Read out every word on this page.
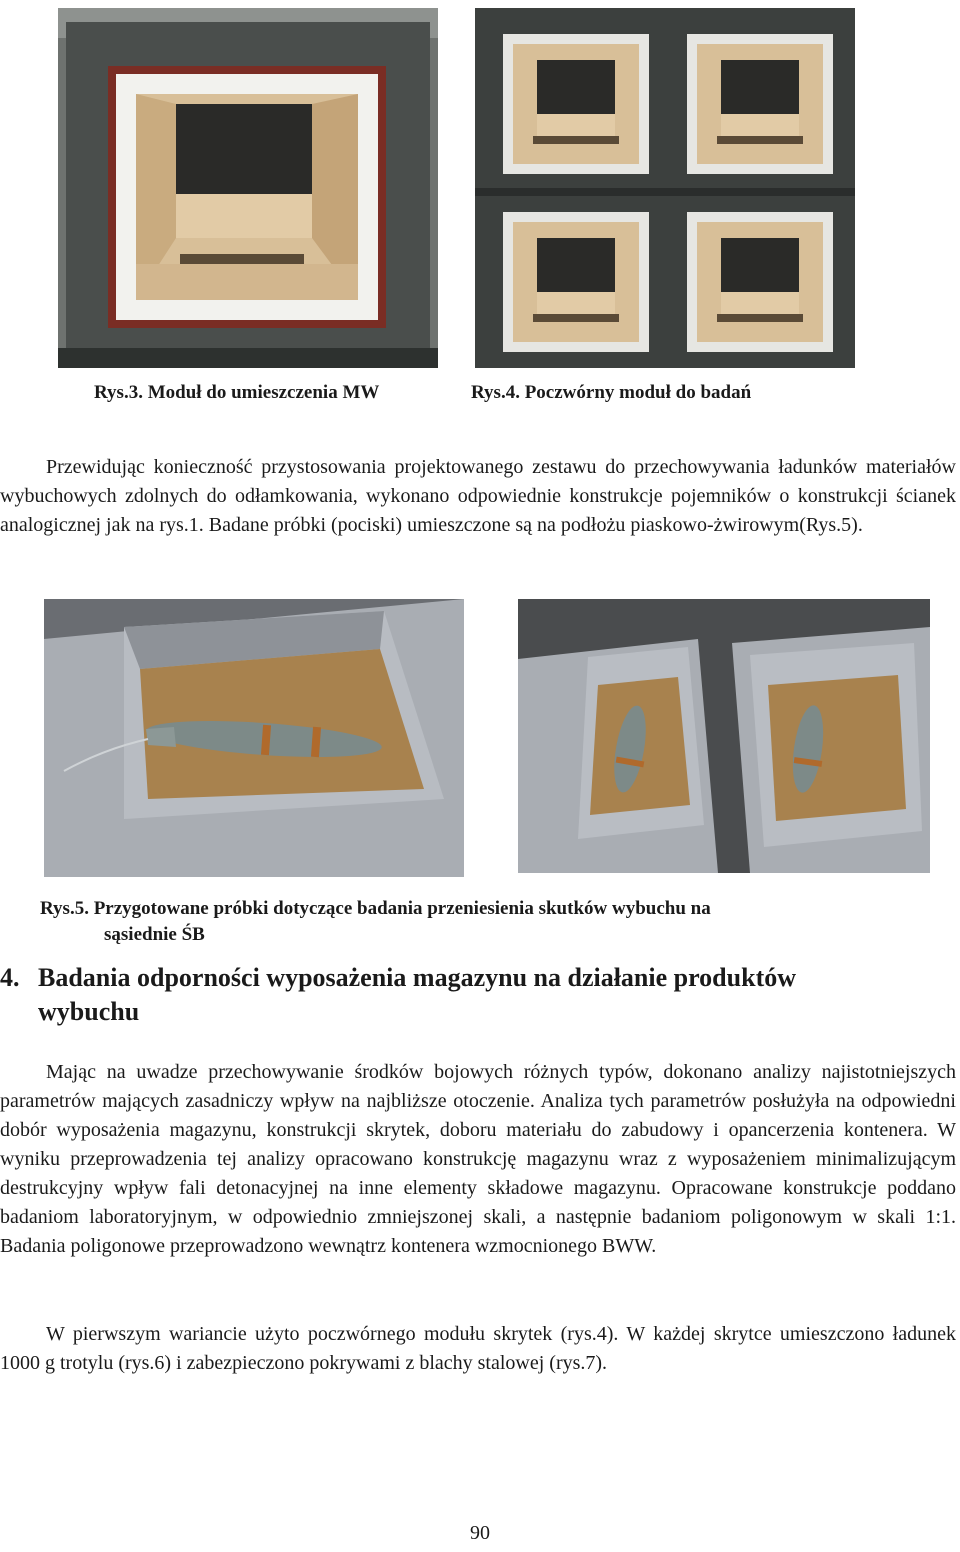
Rys.3. Moduł do umieszczenia MW	Rys.4. Poczwórny moduł do badań

Przewidując konieczność przystosowania projektowanego zestawu do przechowywania ładunków materiałów wybuchowych zdolnych do odłamkowania, wykonano odpowiednie konstrukcje pojemników o konstrukcji ścianek analogicznej jak na rys.1. Badane próbki (pociski) umieszczone są na podłożu piaskowo-żwirowym(Rys.5).

Rys.5. Przygotowane próbki dotyczące badania przeniesienia skutków wybuchu na
sąsiednie ŚB
4. Badania odporności wyposażenia magazynu na działanie produktów
wybuchu

Mając na uwadze przechowywanie środków bojowych różnych typów, dokonano analizy najistotniejszych parametrów mających zasadniczy wpływ na najbliższe otoczenie. Analiza tych parametrów posłużyła na odpowiedni dobór wyposażenia magazynu, konstrukcji skrytek, doboru materiału do zabudowy i opancerzenia kontenera. W wyniku przeprowadzenia tej analizy opracowano konstrukcję magazynu wraz z wyposażeniem minimalizującym destrukcyjny wpływ fali detonacyjnej na inne elementy składowe magazynu. Opracowane konstrukcje poddano badaniom laboratoryjnym, w odpowiednio zmniejszonej skali, a następnie badaniom poligonowym w skali 1:1. Badania poligonowe przeprowadzono wewnątrz kontenera wzmocnionego BWW.

W pierwszym wariancie użyto poczwórnego modułu skrytek (rys.4). W każdej skrytce umieszczono ładunek 1000 g trotylu (rys.6) i zabezpieczono pokrywami z blachy stalowej (rys.7).

90
